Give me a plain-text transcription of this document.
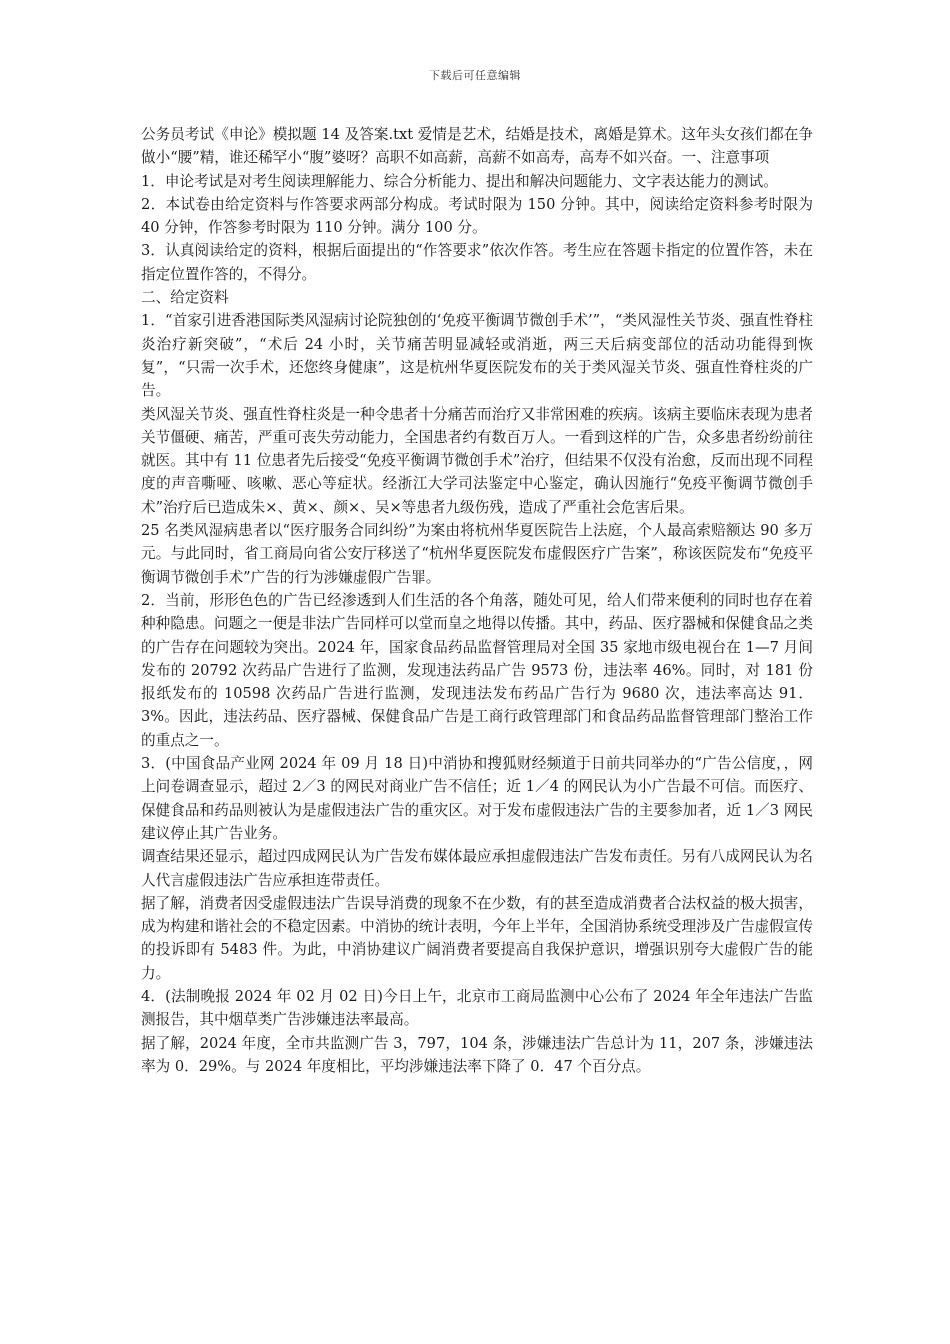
下载后可任意编辑

公务员考试《申论》模拟题 14 及答案.txt 爱情是艺术，结婚是技术，离婚是算术。这年头女孩们都在争做小“腰”精，谁还稀罕小“腹”婆呀？高职不如高薪，高薪不如高寿，高寿不如兴奋。一、注意事项

1．申论考试是对考生阅读理解能力、综合分析能力、提出和解决问题能力、文字表达能力的测试。

2．本试卷由给定资料与作答要求两部分构成。考试时限为 150 分钟。其中，阅读给定资料参考时限为 40 分钟，作答参考时限为 110 分钟。满分 100 分。

3．认真阅读给定的资料，根据后面提出的“作答要求”依次作答。考生应在答题卡指定的位置作答，未在指定位置作答的，不得分。

二、给定资料

1．“首家引进香港国际类风湿病讨论院独创的‘免疫平衡调节微创手术’”，“类风湿性关节炎、强直性脊柱炎治疗新突破”，“术后 24 小时，关节痛苦明显减轻或消逝，两三天后病变部位的活动功能得到恢复”，“只需一次手术，还您终身健康”，这是杭州华夏医院发布的关于类风湿关节炎、强直性脊柱炎的广告。

类风湿关节炎、强直性脊柱炎是一种令患者十分痛苦而治疗又非常困难的疾病。该病主要临床表现为患者关节僵硬、痛苦，严重可丧失劳动能力，全国患者约有数百万人。一看到这样的广告，众多患者纷纷前往就医。其中有 11 位患者先后接受“免疫平衡调节微创手术”治疗，但结果不仅没有治愈，反而出现不同程度的声音嘶哑、咳嗽、恶心等症状。经浙江大学司法鉴定中心鉴定，确认因施行“免疫平衡调节微创手术”治疗后已造成朱×、黄×、颜×、吴×等患者九级伤残，造成了严重社会危害后果。

25 名类风湿病患者以“医疗服务合同纠纷”为案由将杭州华夏医院告上法庭，个人最高索赔额达 90 多万元。与此同时，省工商局向省公安厅移送了“杭州华夏医院发布虚假医疗广告案”，称该医院发布“免疫平衡调节微创手术”广告的行为涉嫌虚假广告罪。

2．当前，形形色色的广告已经渗透到人们生活的各个角落，随处可见，给人们带来便利的同时也存在着种种隐患。问题之一便是非法广告同样可以堂而皇之地得以传播。其中，药品、医疗器械和保健食品之类的广告存在问题较为突出。2024 年，国家食品药品监督管理局对全国 35 家地市级电视台在 1—7 月间发布的 20792 次药品广告进行了监测，发现违法药品广告 9573 份，违法率 46%。同时，对 181 份报纸发布的 10598 次药品广告进行监测，发现违法发布药品广告行为 9680 次，违法率高达 91．3%。因此，违法药品、医疗器械、保健食品广告是工商行政管理部门和食品药品监督管理部门整治工作的重点之一。

3．(中国食品产业网 2024 年 09 月 18 日)中消协和搜狐财经频道于日前共同举办的“广告公信度，，网上问卷调查显示，超过 2／3 的网民对商业广告不信任；近 1／4 的网民认为小广告最不可信。而医疗、保健食品和药品则被认为是虚假违法广告的重灾区。对于发布虚假违法广告的主要参加者，近 1／3 网民建议停止其广告业务。

调查结果还显示，超过四成网民认为广告发布媒体最应承担虚假违法广告发布责任。另有八成网民认为名人代言虚假违法广告应承担连带责任。

据了解，消费者因受虚假违法广告误导消费的现象不在少数，有的甚至造成消费者合法权益的极大损害，成为构建和谐社会的不稳定因素。中消协的统计表明，今年上半年，全国消协系统受理涉及广告虚假宣传的投诉即有 5483 件。为此，中消协建议广阔消费者要提高自我保护意识，增强识别夸大虚假广告的能力。

4．(法制晚报 2024 年 02 月 02 日)今日上午，北京市工商局监测中心公布了 2024 年全年违法广告监测报告，其中烟草类广告涉嫌违法率最高。

据了解，2024 年度，全市共监测广告 3，797，104 条，涉嫌违法广告总计为 11，207 条，涉嫌违法率为 0．29%。与 2024 年度相比，平均涉嫌违法率下降了 0．47 个百分点。
